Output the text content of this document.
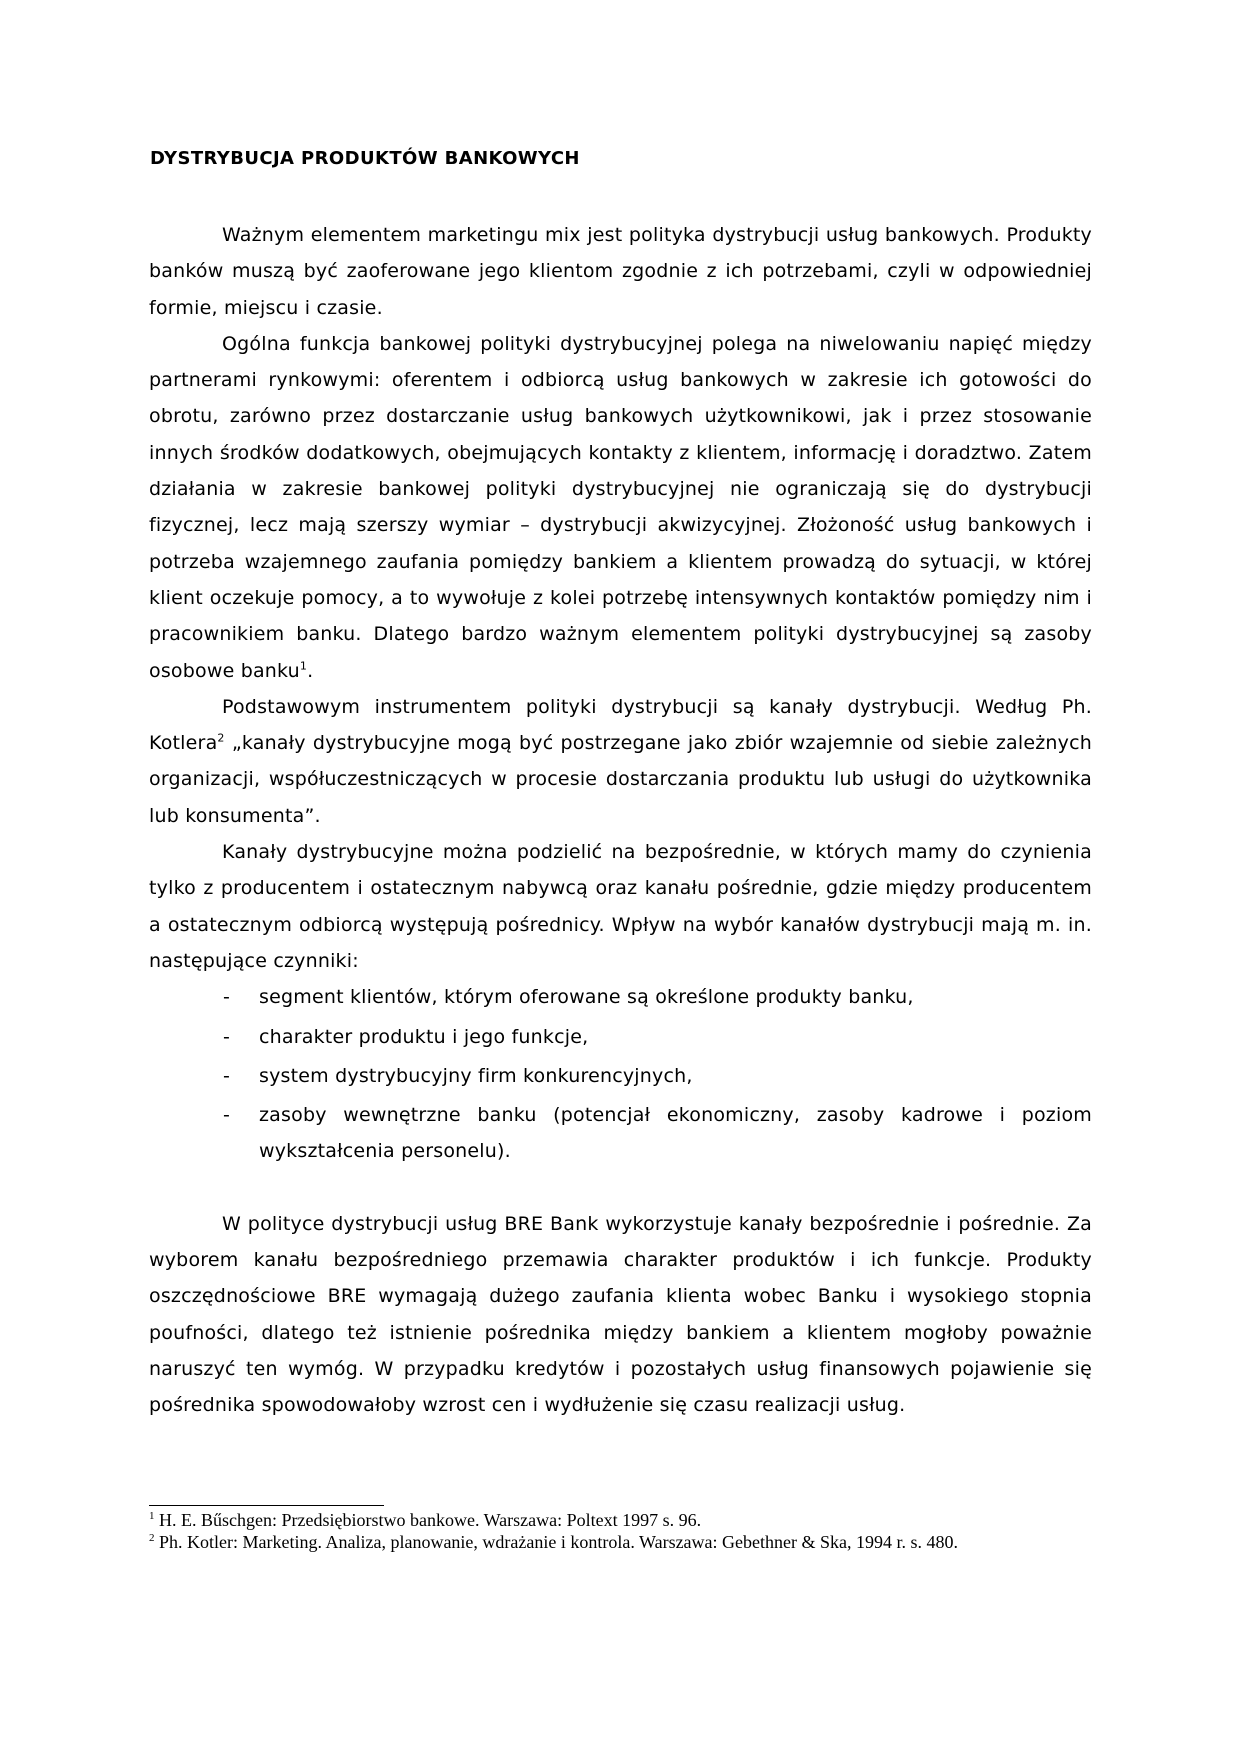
DYSTRYBUCJA PRODUKTÓW BANKOWYCH

Ważnym elementem marketingu mix jest polityka dystrybucji usług bankowych. Produkty banków muszą być zaoferowane jego klientom zgodnie z ich potrzebami, czyli w odpowiedniej formie, miejscu i czasie.

Ogólna funkcja bankowej polityki dystrybucyjnej polega na niwelowaniu napięć między partnerami rynkowymi: oferentem i odbiorcą usług bankowych w zakresie ich gotowości do obrotu, zarówno przez dostarczanie usług bankowych użytkownikowi, jak i przez stosowanie innych środków dodatkowych, obejmujących kontakty z klientem, informację i doradztwo. Zatem działania w zakresie bankowej polityki dystrybucyjnej nie ograniczają się do dystrybucji fizycznej, lecz mają szerszy wymiar – dystrybucji akwizycyjnej. Złożoność usług bankowych i potrzeba wzajemnego zaufania pomiędzy bankiem a klientem prowadzą do sytuacji, w której klient oczekuje pomocy, a to wywołuje z kolei potrzebę intensywnych kontaktów pomiędzy nim i pracownikiem banku. Dlatego bardzo ważnym elementem polityki dystrybucyjnej są zasoby osobowe banku$^1$.

Podstawowym instrumentem polityki dystrybucji są kanały dystrybucji. Według Ph. Kotlera$^2$ „kanały dystrybucyjne mogą być postrzegane jako zbiór wzajemnie od siebie zależnych organizacji, współuczestniczących w procesie dostarczania produktu lub usługi do użytkownika lub konsumenta”.

Kanały dystrybucyjne można podzielić na bezpośrednie, w których mamy do czynienia tylko z producentem i ostatecznym nabywcą oraz kanału pośrednie, gdzie między producentem a ostatecznym odbiorcą występują pośrednicy. Wpływ na wybór kanałów dystrybucji mają m. in. następujące czynniki:

- segment klientów, którym oferowane są określone produkty banku,
- charakter produktu i jego funkcje,
- system dystrybucyjny firm konkurencyjnych,
- zasoby wewnętrzne banku (potencjał ekonomiczny, zasoby kadrowe i poziom wykształcenia personelu).

W polityce dystrybucji usług BRE Bank wykorzystuje kanały bezpośrednie i pośrednie. Za wyborem kanału bezpośredniego przemawia charakter produktów i ich funkcje. Produkty oszczędnościowe BRE wymagają dużego zaufania klienta wobec Banku i wysokiego stopnia poufności, dlatego też istnienie pośrednika między bankiem a klientem mogłoby poważnie naruszyć ten wymóg. W przypadku kredytów i pozostałych usług finansowych pojawienie się pośrednika spowodowałoby wzrost cen i wydłużenie się czasu realizacji usług.

$^1$ H. E. Bűschgen: Przedsiębiorstwo bankowe. Warszawa: Poltext 1997 s. 96.

$^2$ Ph. Kotler: Marketing. Analiza, planowanie, wdrażanie i kontrola. Warszawa: Gebethner & Ska, 1994 r. s. 480.
